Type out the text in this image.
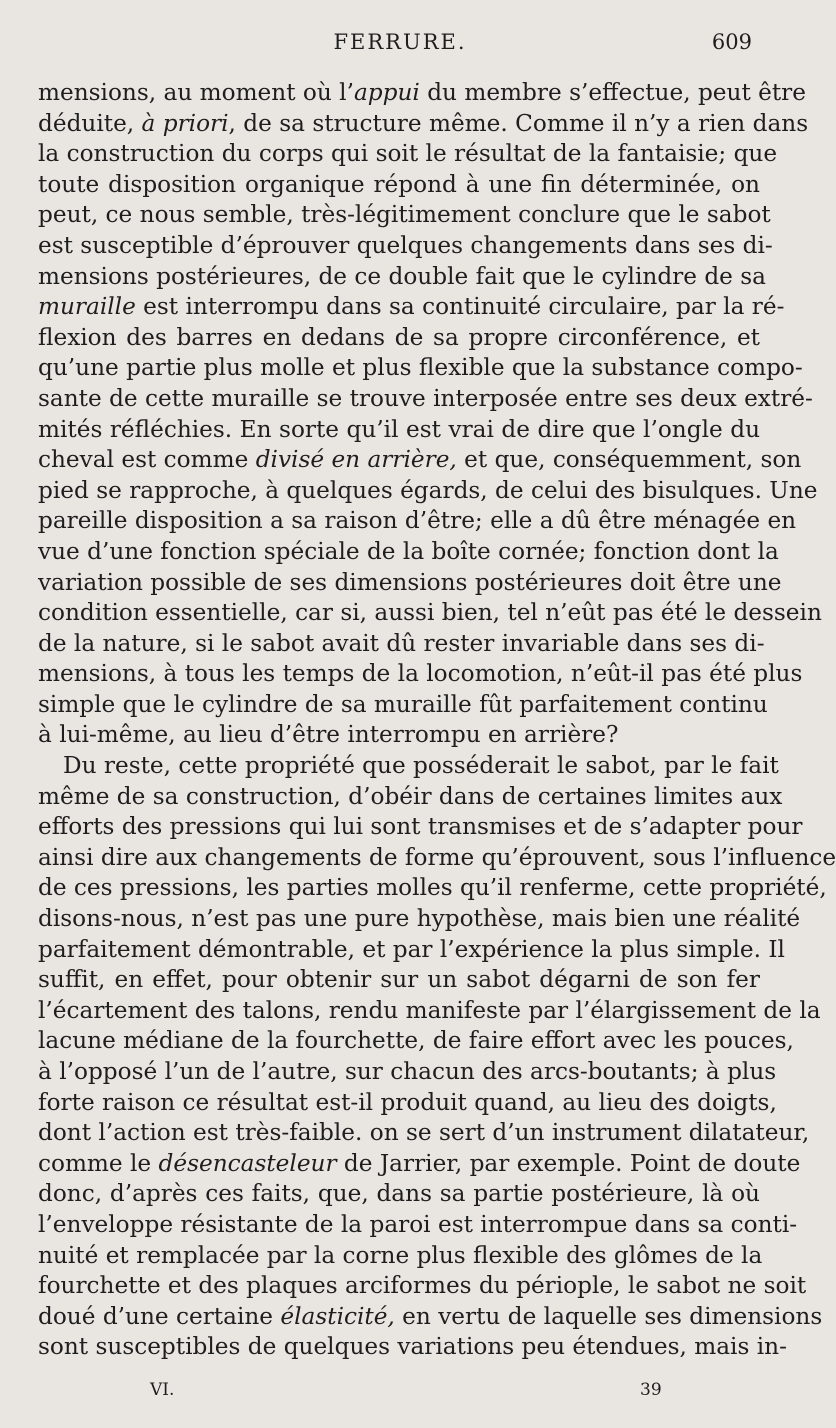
FERRURE.	609
mensions, au moment où l’appui du membre s’effectue, peut être
déduite, à priori, de sa structure même. Comme il n’y a rien dans
la construction du corps qui soit le résultat de la fantaisie; que
toute disposition organique répond à une fin déterminée, on
peut, ce nous semble, très-légitimement conclure que le sabot
est susceptible d’éprouver quelques changements dans ses di-
mensions postérieures, de ce double fait que le cylindre de sa
muraille est interrompu dans sa continuité circulaire, par la ré-
flexion des barres en dedans de sa propre circonférence, et
qu’une partie plus molle et plus flexible que la substance compo-
sante de cette muraille se trouve interposée entre ses deux extré-
mités réfléchies. En sorte qu’il est vrai de dire que l’ongle du
cheval est comme divisé en arrière, et que, conséquemment, son
pied se rapproche, à quelques égards, de celui des bisulques. Une
pareille disposition a sa raison d’être; elle a dû être ménagée en
vue d’une fonction spéciale de la boîte cornée; fonction dont la
variation possible de ses dimensions postérieures doit être une
condition essentielle, car si, aussi bien, tel n’eût pas été le dessein
de la nature, si le sabot avait dû rester invariable dans ses di-
mensions, à tous les temps de la locomotion, n’eût-il pas été plus
simple que le cylindre de sa muraille fût parfaitement continu
à lui-même, au lieu d’être interrompu en arrière?
Du reste, cette propriété que posséderait le sabot, par le fait
même de sa construction, d’obéir dans de certaines limites aux
efforts des pressions qui lui sont transmises et de s’adapter pour
ainsi dire aux changements de forme qu’éprouvent, sous l’influence
de ces pressions, les parties molles qu’il renferme, cette propriété,
disons-nous, n’est pas une pure hypothèse, mais bien une réalité
parfaitement démontrable, et par l’expérience la plus simple. Il
suffit, en effet, pour obtenir sur un sabot dégarni de son fer
l’écartement des talons, rendu manifeste par l’élargissement de la
lacune médiane de la fourchette, de faire effort avec les pouces,
à l’opposé l’un de l’autre, sur chacun des arcs-boutants; à plus
forte raison ce résultat est-il produit quand, au lieu des doigts,
dont l’action est très-faible. on se sert d’un instrument dilatateur,
comme le désencasteleur de Jarrier, par exemple. Point de doute
donc, d’après ces faits, que, dans sa partie postérieure, là où
l’enveloppe résistante de la paroi est interrompue dans sa conti-
nuité et remplacée par la corne plus flexible des glômes de la
fourchette et des plaques arciformes du périople, le sabot ne soit
doué d’une certaine élasticité, en vertu de laquelle ses dimensions
sont susceptibles de quelques variations peu étendues, mais in-
VI.	39
